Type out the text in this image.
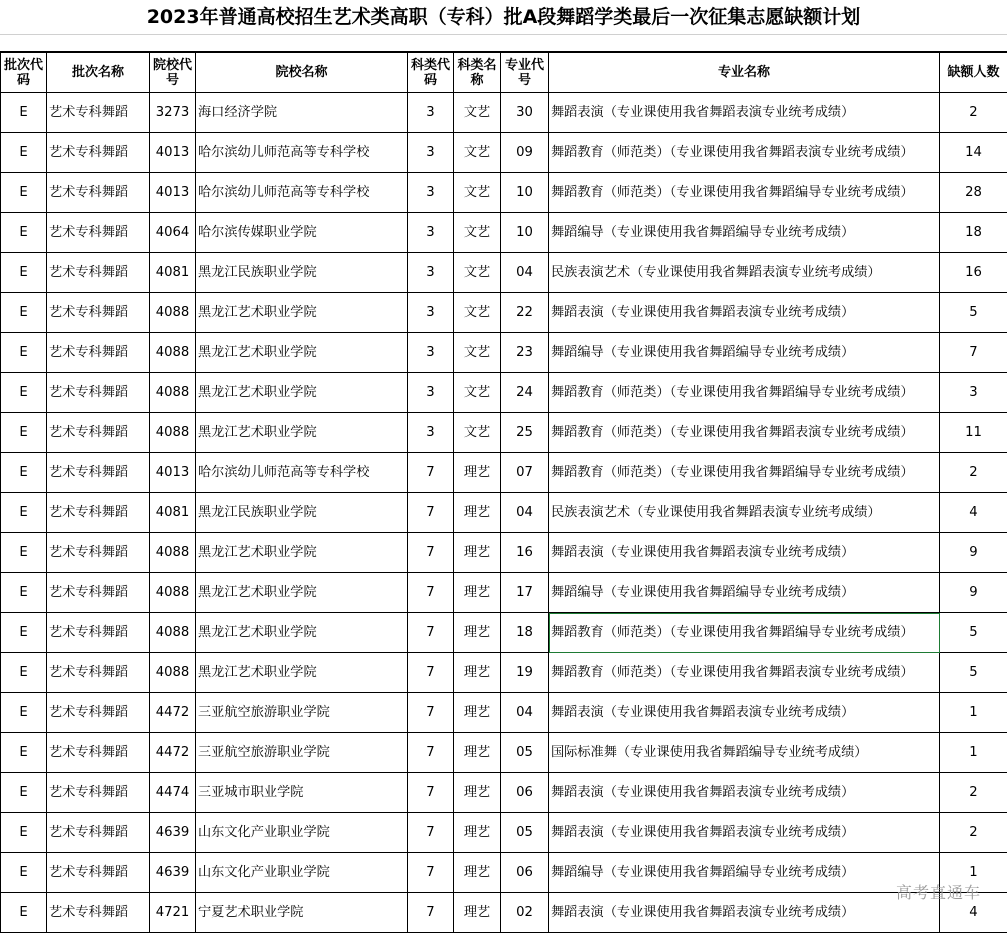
2023年普通高校招生艺术类高职（专科）批A段舞蹈学类最后一次征集志愿缺额计划
批次代码	批次名称	院校代号	院校名称	科类代码	科类名称	专业代号	专业名称	缺额人数
E	艺术专科舞蹈	3273	海口经济学院	3	文艺	30	舞蹈表演（专业课使用我省舞蹈表演专业统考成绩）	2
E	艺术专科舞蹈	4013	哈尔滨幼儿师范高等专科学校	3	文艺	09	舞蹈教育（师范类）（专业课使用我省舞蹈表演专业统考成绩）	14
E	艺术专科舞蹈	4013	哈尔滨幼儿师范高等专科学校	3	文艺	10	舞蹈教育（师范类）（专业课使用我省舞蹈编导专业统考成绩）	28
E	艺术专科舞蹈	4064	哈尔滨传媒职业学院	3	文艺	10	舞蹈编导（专业课使用我省舞蹈编导专业统考成绩）	18
E	艺术专科舞蹈	4081	黑龙江民族职业学院	3	文艺	04	民族表演艺术（专业课使用我省舞蹈表演专业统考成绩）	16
E	艺术专科舞蹈	4088	黑龙江艺术职业学院	3	文艺	22	舞蹈表演（专业课使用我省舞蹈表演专业统考成绩）	5
E	艺术专科舞蹈	4088	黑龙江艺术职业学院	3	文艺	23	舞蹈编导（专业课使用我省舞蹈编导专业统考成绩）	7
E	艺术专科舞蹈	4088	黑龙江艺术职业学院	3	文艺	24	舞蹈教育（师范类）（专业课使用我省舞蹈编导专业统考成绩）	3
E	艺术专科舞蹈	4088	黑龙江艺术职业学院	3	文艺	25	舞蹈教育（师范类）（专业课使用我省舞蹈表演专业统考成绩）	11
E	艺术专科舞蹈	4013	哈尔滨幼儿师范高等专科学校	7	理艺	07	舞蹈教育（师范类）（专业课使用我省舞蹈编导专业统考成绩）	2
E	艺术专科舞蹈	4081	黑龙江民族职业学院	7	理艺	04	民族表演艺术（专业课使用我省舞蹈表演专业统考成绩）	4
E	艺术专科舞蹈	4088	黑龙江艺术职业学院	7	理艺	16	舞蹈表演（专业课使用我省舞蹈表演专业统考成绩）	9
E	艺术专科舞蹈	4088	黑龙江艺术职业学院	7	理艺	17	舞蹈编导（专业课使用我省舞蹈编导专业统考成绩）	9
E	艺术专科舞蹈	4088	黑龙江艺术职业学院	7	理艺	18	舞蹈教育（师范类）（专业课使用我省舞蹈编导专业统考成绩）	5
E	艺术专科舞蹈	4088	黑龙江艺术职业学院	7	理艺	19	舞蹈教育（师范类）（专业课使用我省舞蹈表演专业统考成绩）	5
E	艺术专科舞蹈	4472	三亚航空旅游职业学院	7	理艺	04	舞蹈表演（专业课使用我省舞蹈表演专业统考成绩）	1
E	艺术专科舞蹈	4472	三亚航空旅游职业学院	7	理艺	05	国际标准舞（专业课使用我省舞蹈编导专业统考成绩）	1
E	艺术专科舞蹈	4474	三亚城市职业学院	7	理艺	06	舞蹈表演（专业课使用我省舞蹈表演专业统考成绩）	2
E	艺术专科舞蹈	4639	山东文化产业职业学院	7	理艺	05	舞蹈表演（专业课使用我省舞蹈表演专业统考成绩）	2
E	艺术专科舞蹈	4639	山东文化产业职业学院	7	理艺	06	舞蹈编导（专业课使用我省舞蹈编导专业统考成绩）	1
E	艺术专科舞蹈	4721	宁夏艺术职业学院	7	理艺	02	舞蹈表演（专业课使用我省舞蹈表演专业统考成绩）	4
高考直通车
